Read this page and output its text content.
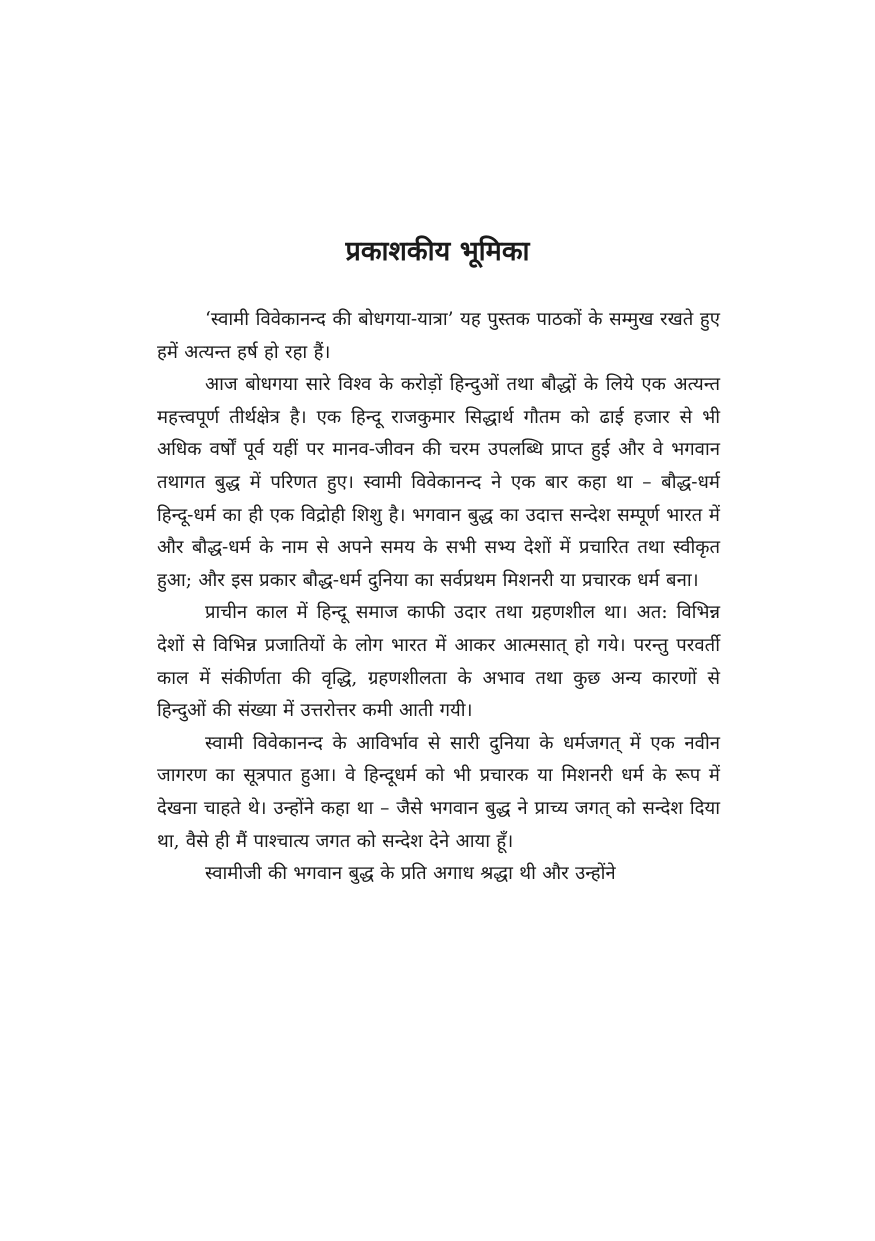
प्रकाशकीय भूमिका

‘स्वामी विवेकानन्द की बोधगया-यात्रा’ यह पुस्तक पाठकों के सम्मुख रखते हुए हमें अत्यन्त हर्ष हो रहा हैं।

आज बोधगया सारे विश्‍व के करोड़ों हिन्दुओं तथा बौद्धों के लिये एक अत्यन्त महत्त्वपूर्ण तीर्थक्षेत्र है। एक हिन्दू राजकुमार सिद्धार्थ गौतम को ढाई हजार से भी अधिक वर्षों पूर्व यहीं पर मानव-जीवन की चरम उपलब्धि प्राप्त हुई और वे भगवान तथागत बुद्ध में परिणत हुए। स्वामी विवेकानन्द ने एक बार कहा था – बौद्ध-धर्म हिन्दू-धर्म का ही एक विद्रोही शिशु है। भगवान बुद्ध का उदात्त सन्देश सम्पूर्ण भारत में और बौद्ध-धर्म के नाम से अपने समय के सभी सभ्य देशों में प्रचारित तथा स्वीकृत हुआ; और इस प्रकार बौद्ध-धर्म दुनिया का सर्वप्रथम मिशनरी या प्रचारक धर्म बना।

प्राचीन काल में हिन्दू समाज काफी उदार तथा ग्रहणशील था। अत: विभिन्न देशों से विभिन्न प्रजातियों के लोग भारत में आकर आत्मसात् हो गये। परन्तु परवर्ती काल में संकीर्णता की वृद्धि, ग्रहणशीलता के अभाव तथा कुछ अन्य कारणों से हिन्दुओं की संख्या में उत्तरोत्तर कमी आती गयी।

स्वामी विवेकानन्द के आविर्भाव से सारी दुनिया के धर्मजगत् में एक नवीन जागरण का सूत्रपात हुआ। वे हिन्दूधर्म को भी प्रचारक या मिशनरी धर्म के रूप में देखना चाहते थे। उन्होंने कहा था – जैसे भगवान बुद्ध ने प्राच्य जगत् को सन्देश दिया था, वैसे ही मैं पाश्चात्य जगत को सन्देश देने आया हूँ।

स्वामीजी की भगवान बुद्ध के प्रति अगाध श्रद्धा थी और उन्होंने
